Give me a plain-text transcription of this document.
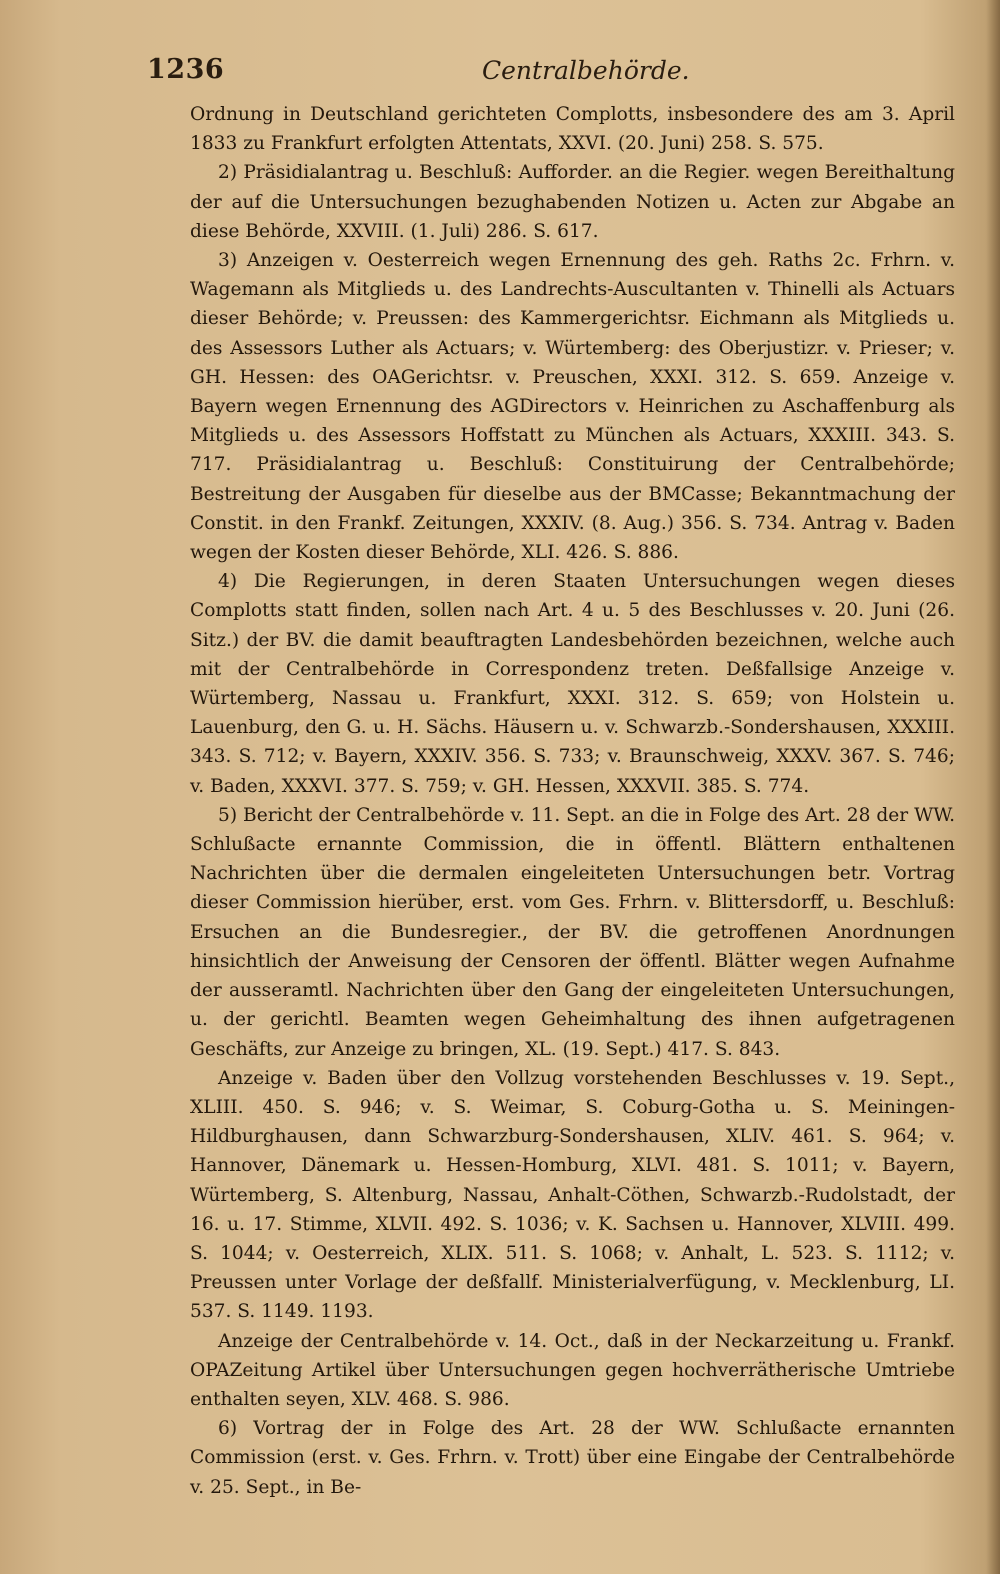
1236	Centralbehörde.

Ordnung in Deutschland gerichteten Complotts, insbesondere des am 3. April 1833 zu Frankfurt erfolgten Attentats, XXVI. (20. Juni) 258. S. 575.

2) Präsidialantrag u. Beschluß: Aufforder. an die Regier. wegen Bereithaltung der auf die Untersuchungen bezughabenden Notizen u. Acten zur Abgabe an diese Behörde, XXVIII. (1. Juli) 286. S. 617.

3) Anzeigen v. Oesterreich wegen Ernennung des geh. Raths 2c. Frhrn. v. Wagemann als Mitglieds u. des Landrechts-Auscultanten v. Thinelli als Actuars dieser Behörde; v. Preussen: des Kammergerichtsr. Eichmann als Mitglieds u. des Assessors Luther als Actuars; v. Würtemberg: des Oberjustizr. v. Prieser; v. GH. Hessen: des OAGerichtsr. v. Preuschen, XXXI. 312. S. 659. Anzeige v. Bayern wegen Ernennung des AGDirectors v. Heinrichen zu Aschaffenburg als Mitglieds u. des Assessors Hoffstatt zu München als Actuars, XXXIII. 343. S. 717. Präsidialantrag u. Beschluß: Constituirung der Centralbehörde; Bestreitung der Ausgaben für dieselbe aus der BMCasse; Bekanntmachung der Constit. in den Frankf. Zeitungen, XXXIV. (8. Aug.) 356. S. 734. Antrag v. Baden wegen der Kosten dieser Behörde, XLI. 426. S. 886.

4) Die Regierungen, in deren Staaten Untersuchungen wegen dieses Complotts statt finden, sollen nach Art. 4 u. 5 des Beschlusses v. 20. Juni (26. Sitz.) der BV. die damit beauftragten Landesbehörden bezeichnen, welche auch mit der Centralbehörde in Correspondenz treten. Deßfallsige Anzeige v. Würtemberg, Nassau u. Frankfurt, XXXI. 312. S. 659; von Holstein u. Lauenburg, den G. u. H. Sächs. Häusern u. v. Schwarzb.-Sondershausen, XXXIII. 343. S. 712; v. Bayern, XXXIV. 356. S. 733; v. Braunschweig, XXXV. 367. S. 746; v. Baden, XXXVI. 377. S. 759; v. GH. Hessen, XXXVII. 385. S. 774.

5) Bericht der Centralbehörde v. 11. Sept. an die in Folge des Art. 28 der WW. Schlußacte ernannte Commission, die in öffentl. Blättern enthaltenen Nachrichten über die dermalen eingeleiteten Untersuchungen betr. Vortrag dieser Commission hierüber, erst. vom Ges. Frhrn. v. Blittersdorff, u. Beschluß: Ersuchen an die Bundesregier., der BV. die getroffenen Anordnungen hinsichtlich der Anweisung der Censoren der öffentl. Blätter wegen Aufnahme der ausseramtl. Nachrichten über den Gang der eingeleiteten Untersuchungen, u. der gerichtl. Beamten wegen Geheimhaltung des ihnen aufgetragenen Geschäfts, zur Anzeige zu bringen, XL. (19. Sept.) 417. S. 843.

Anzeige v. Baden über den Vollzug vorstehenden Beschlusses v. 19. Sept., XLIII. 450. S. 946; v. S. Weimar, S. Coburg-Gotha u. S. Meiningen-Hildburghausen, dann Schwarzburg-Sondershausen, XLIV. 461. S. 964; v. Hannover, Dänemark u. Hessen-Homburg, XLVI. 481. S. 1011; v. Bayern, Würtemberg, S. Altenburg, Nassau, Anhalt-Cöthen, Schwarzb.-Rudolstadt, der 16. u. 17. Stimme, XLVII. 492. S. 1036; v. K. Sachsen u. Hannover, XLVIII. 499. S. 1044; v. Oesterreich, XLIX. 511. S. 1068; v. Anhalt, L. 523. S. 1112; v. Preussen unter Vorlage der deßfallf. Ministerialverfügung, v. Mecklenburg, LI. 537. S. 1149. 1193.

Anzeige der Centralbehörde v. 14. Oct., daß in der Neckarzeitung u. Frankf. OPAZeitung Artikel über Untersuchungen gegen hochverrätherische Umtriebe enthalten seyen, XLV. 468. S. 986.

6) Vortrag der in Folge des Art. 28 der WW. Schlußacte ernannten Commission (erst. v. Ges. Frhrn. v. Trott) über eine Eingabe der Centralbehörde v. 25. Sept., in Be-
